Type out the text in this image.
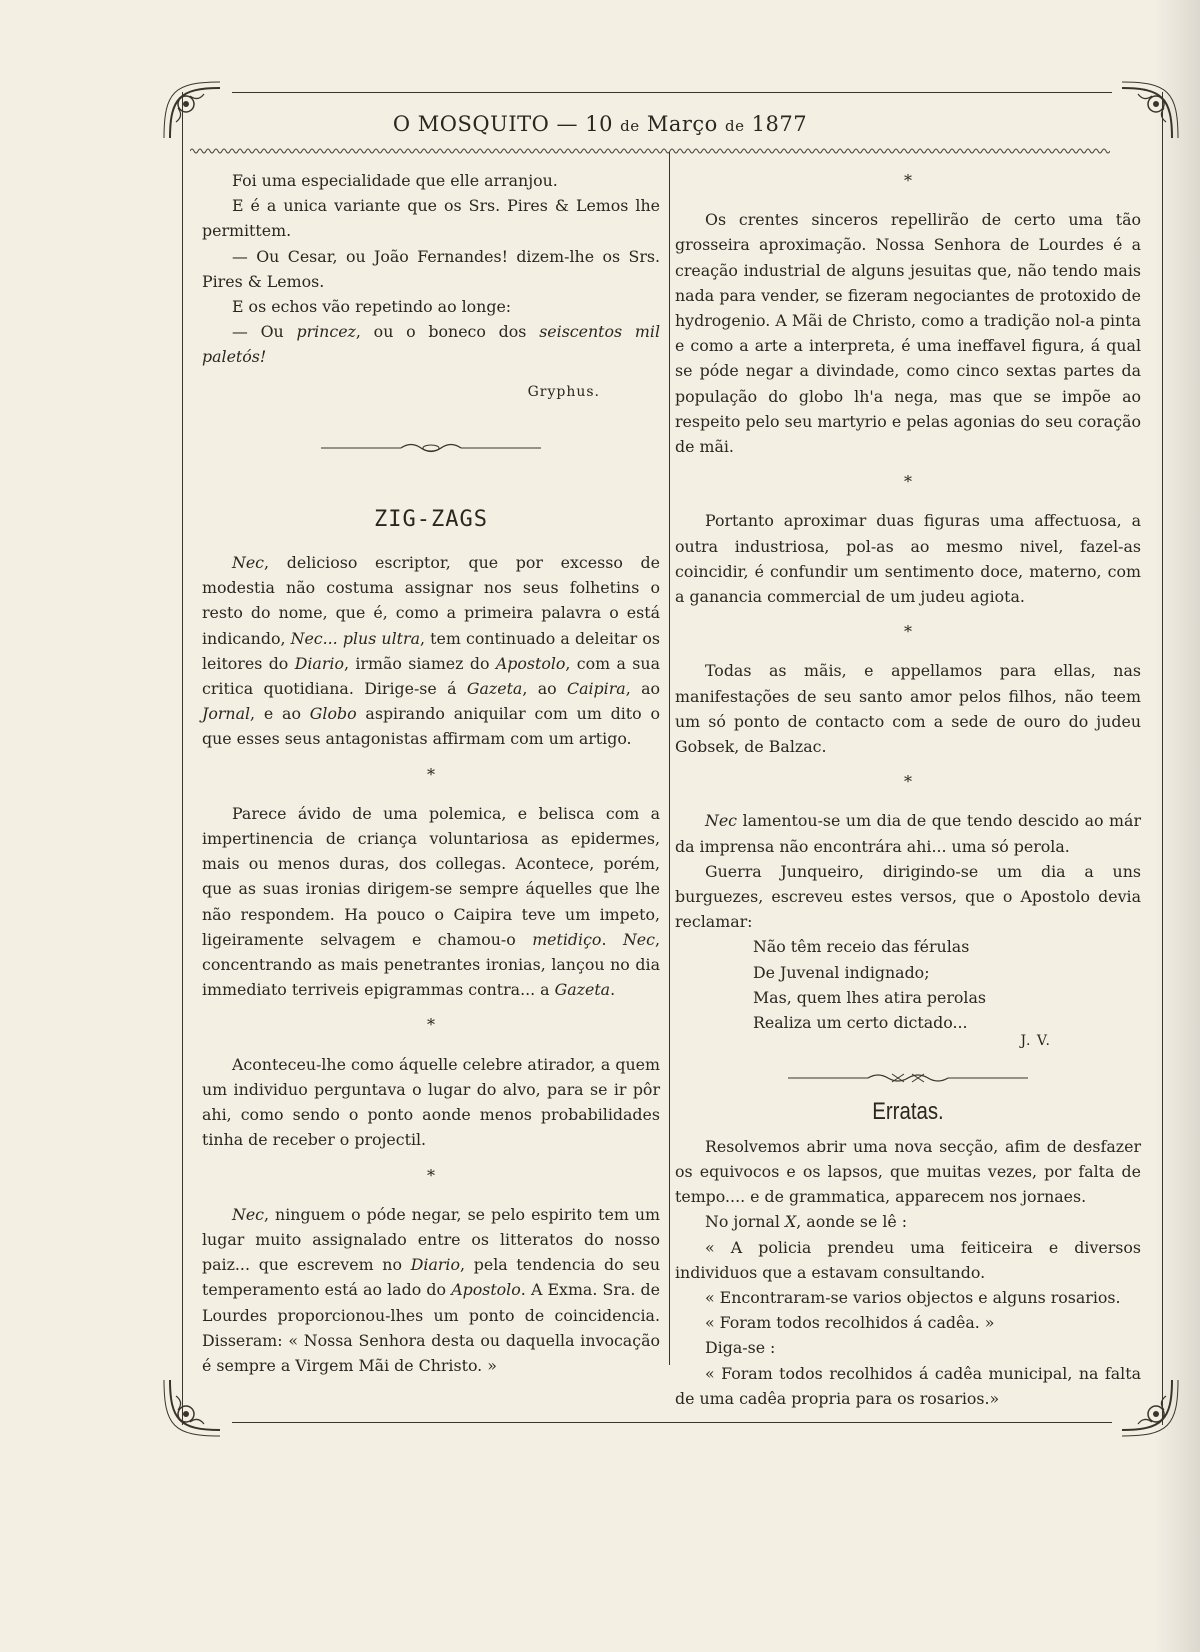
O MOSQUITO — 10 de Março de 1877

Foi uma especialidade que elle arranjou.

E é a unica variante que os Srs. Pires & Lemos lhe permittem.

— Ou Cesar, ou João Fernandes! dizem-lhe os Srs. Pires & Lemos.

E os echos vão repetindo ao longe:

— Ou princez, ou o boneco dos seiscentos mil paletós!

Gryphus.

ZIG-ZAGS

Nec, delicioso escriptor, que por excesso de modestia não costuma assignar nos seus folhetins o resto do nome, que é, como a primeira palavra o está indicando, Nec... plus ultra, tem continuado a deleitar os leitores do Diario, irmão siamez do Apostolo, com a sua critica quotidiana. Dirige-se á Gazeta, ao Caipira, ao Jornal, e ao Globo aspirando aniquilar com um dito o que esses seus antagonistas affirmam com um artigo.

*

Parece ávido de uma polemica, e belisca com a impertinencia de criança voluntariosa as epidermes, mais ou menos duras, dos collegas. Acontece, porém, que as suas ironias dirigem-se sempre áquelles que lhe não respondem. Ha pouco o Caipira teve um impeto, ligeiramente selvagem e chamou-o metidiço. Nec, concentrando as mais penetrantes ironias, lançou no dia immediato terriveis epigrammas contra... a Gazeta.

*

Aconteceu-lhe como áquelle celebre atirador, a quem um individuo perguntava o lugar do alvo, para se ir pôr ahi, como sendo o ponto aonde menos probabilidades tinha de receber o projectil.

*

Nec, ninguem o póde negar, se pelo espirito tem um lugar muito assignalado entre os litteratos do nosso paiz... que escrevem no Diario, pela tendencia do seu temperamento está ao lado do Apostolo. A Exma. Sra. de Lourdes proporcionou-lhes um ponto de coincidencia. Disseram: « Nossa Senhora desta ou daquella invocação é sempre a Virgem Mãi de Christo. »

*

Os crentes sinceros repellirão de certo uma tão grosseira aproximação. Nossa Senhora de Lourdes é a creação industrial de alguns jesuitas que, não tendo mais nada para vender, se fizeram negociantes de protoxido de hydrogenio. A Mãi de Christo, como a tradição nol-a pinta e como a arte a interpreta, é uma ineffavel figura, á qual se póde negar a divindade, como cinco sextas partes da população do globo lh'a nega, mas que se impõe ao respeito pelo seu martyrio e pelas agonias do seu coração de mãi.

*

Portanto aproximar duas figuras uma affectuosa, a outra industriosa, pol-as ao mesmo nivel, fazel-as coincidir, é confundir um sentimento doce, materno, com a ganancia commercial de um judeu agiota.

*

Todas as mãis, e appellamos para ellas, nas manifestações de seu santo amor pelos filhos, não teem um só ponto de contacto com a sede de ouro do judeu Gobsek, de Balzac.

*

Nec lamentou-se um dia de que tendo descido ao már da imprensa não encontrára ahi... uma só perola.

Guerra Junqueiro, dirigindo-se um dia a uns burguezes, escreveu estes versos, que o Apostolo devia reclamar:

Não têm receio das férulas

De Juvenal indignado;

Mas, quem lhes atira perolas

Realiza um certo dictado...

J. V.

Erratas.

Resolvemos abrir uma nova secção, afim de desfazer os equivocos e os lapsos, que muitas vezes, por falta de tempo.... e de grammatica, apparecem nos jornaes.

No jornal X, aonde se lê :

« A policia prendeu uma feiticeira e diversos individuos que a estavam consultando.

« Encontraram-se varios objectos e alguns rosarios.

« Foram todos recolhidos á cadêa. »

Diga-se :

« Foram todos recolhidos á cadêa municipal, na falta de uma cadêa propria para os rosarios.»
